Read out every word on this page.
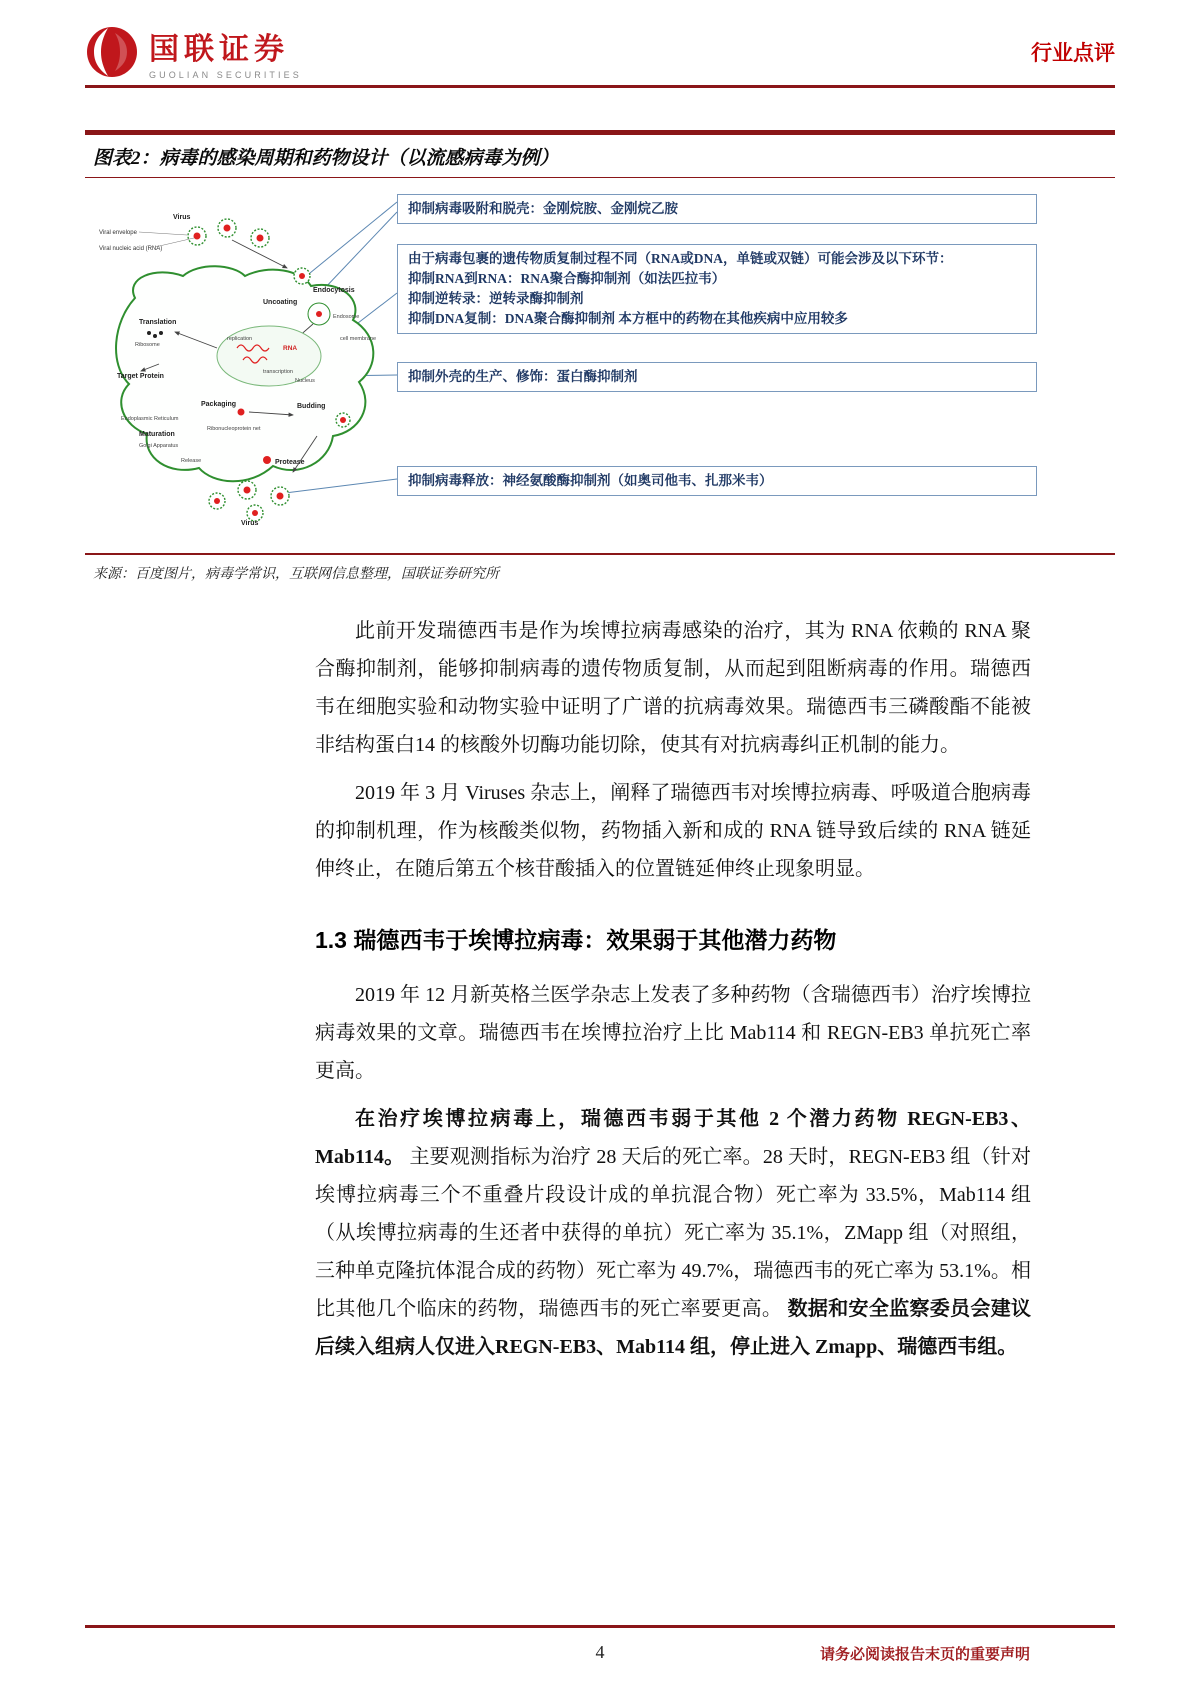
国联证券
GUOLIAN SECURITIES
行业点评
图表2：病毒的感染周期和药物设计（以流感病毒为例）
Virus
Viral envelope
Viral nucleic acid (RNA)
cell membrane
Endocytosis
Endosome
Uncoating
Nucleus
replication
transcription
RNA
Translation
Ribosome
Target Protein
Packaging	Budding
Endoplasmic Reticulum
Maturation
Golgi Apparatus
Ribonucleoprotein net
Release	Protease
Virus
抑制病毒吸附和脱壳：金刚烷胺、金刚烷乙胺
由于病毒包裹的遗传物质复制过程不同（RNA或DNA，单链或双链）可能会涉及以下环节：
抑制RNA到RNA：RNA聚合酶抑制剂（如法匹拉韦）
抑制逆转录：逆转录酶抑制剂
抑制DNA复制：DNA聚合酶抑制剂 本方框中的药物在其他疾病中应用较多
抑制外壳的生产、修饰：蛋白酶抑制剂
抑制病毒释放：神经氨酸酶抑制剂（如奥司他韦、扎那米韦）
来源：百度图片，病毒学常识，互联网信息整理，国联证券研究所

此前开发瑞德西韦是作为埃博拉病毒感染的治疗，其为 RNA 依赖的 RNA 聚合酶抑制剂，能够抑制病毒的遗传物质复制，从而起到阻断病毒的作用。瑞德西韦在细胞实验和动物实验中证明了广谱的抗病毒效果。瑞德西韦三磷酸酯不能被非结构蛋白14 的核酸外切酶功能切除，使其有对抗病毒纠正机制的能力。

2019 年 3 月 Viruses 杂志上，阐释了瑞德西韦对埃博拉病毒、呼吸道合胞病毒的抑制机理，作为核酸类似物，药物插入新和成的 RNA 链导致后续的 RNA 链延伸终止，在随后第五个核苷酸插入的位置链延伸终止现象明显。

1.3 瑞德西韦于埃博拉病毒：效果弱于其他潜力药物

2019 年 12 月新英格兰医学杂志上发表了多种药物（含瑞德西韦）治疗埃博拉病毒效果的文章。瑞德西韦在埃博拉治疗上比 Mab114 和 REGN-EB3 单抗死亡率更高。

在治疗埃博拉病毒上，瑞德西韦弱于其他 2 个潜力药物 REGN-EB3、Mab114。 主要观测指标为治疗 28 天后的死亡率。28 天时，REGN-EB3 组（针对埃博拉病毒三个不重叠片段设计成的单抗混合物）死亡率为 33.5%，Mab114 组（从埃博拉病毒的生还者中获得的单抗）死亡率为 35.1%，ZMapp 组（对照组，三种单克隆抗体混合成的药物）死亡率为 49.7%，瑞德西韦的死亡率为 53.1%。相比其他几个临床的药物，瑞德西韦的死亡率要更高。 数据和安全监察委员会建议后续入组病人仅进入REGN-EB3、Mab114 组，停止进入 Zmapp、瑞德西韦组。

4	请务必阅读报告末页的重要声明
